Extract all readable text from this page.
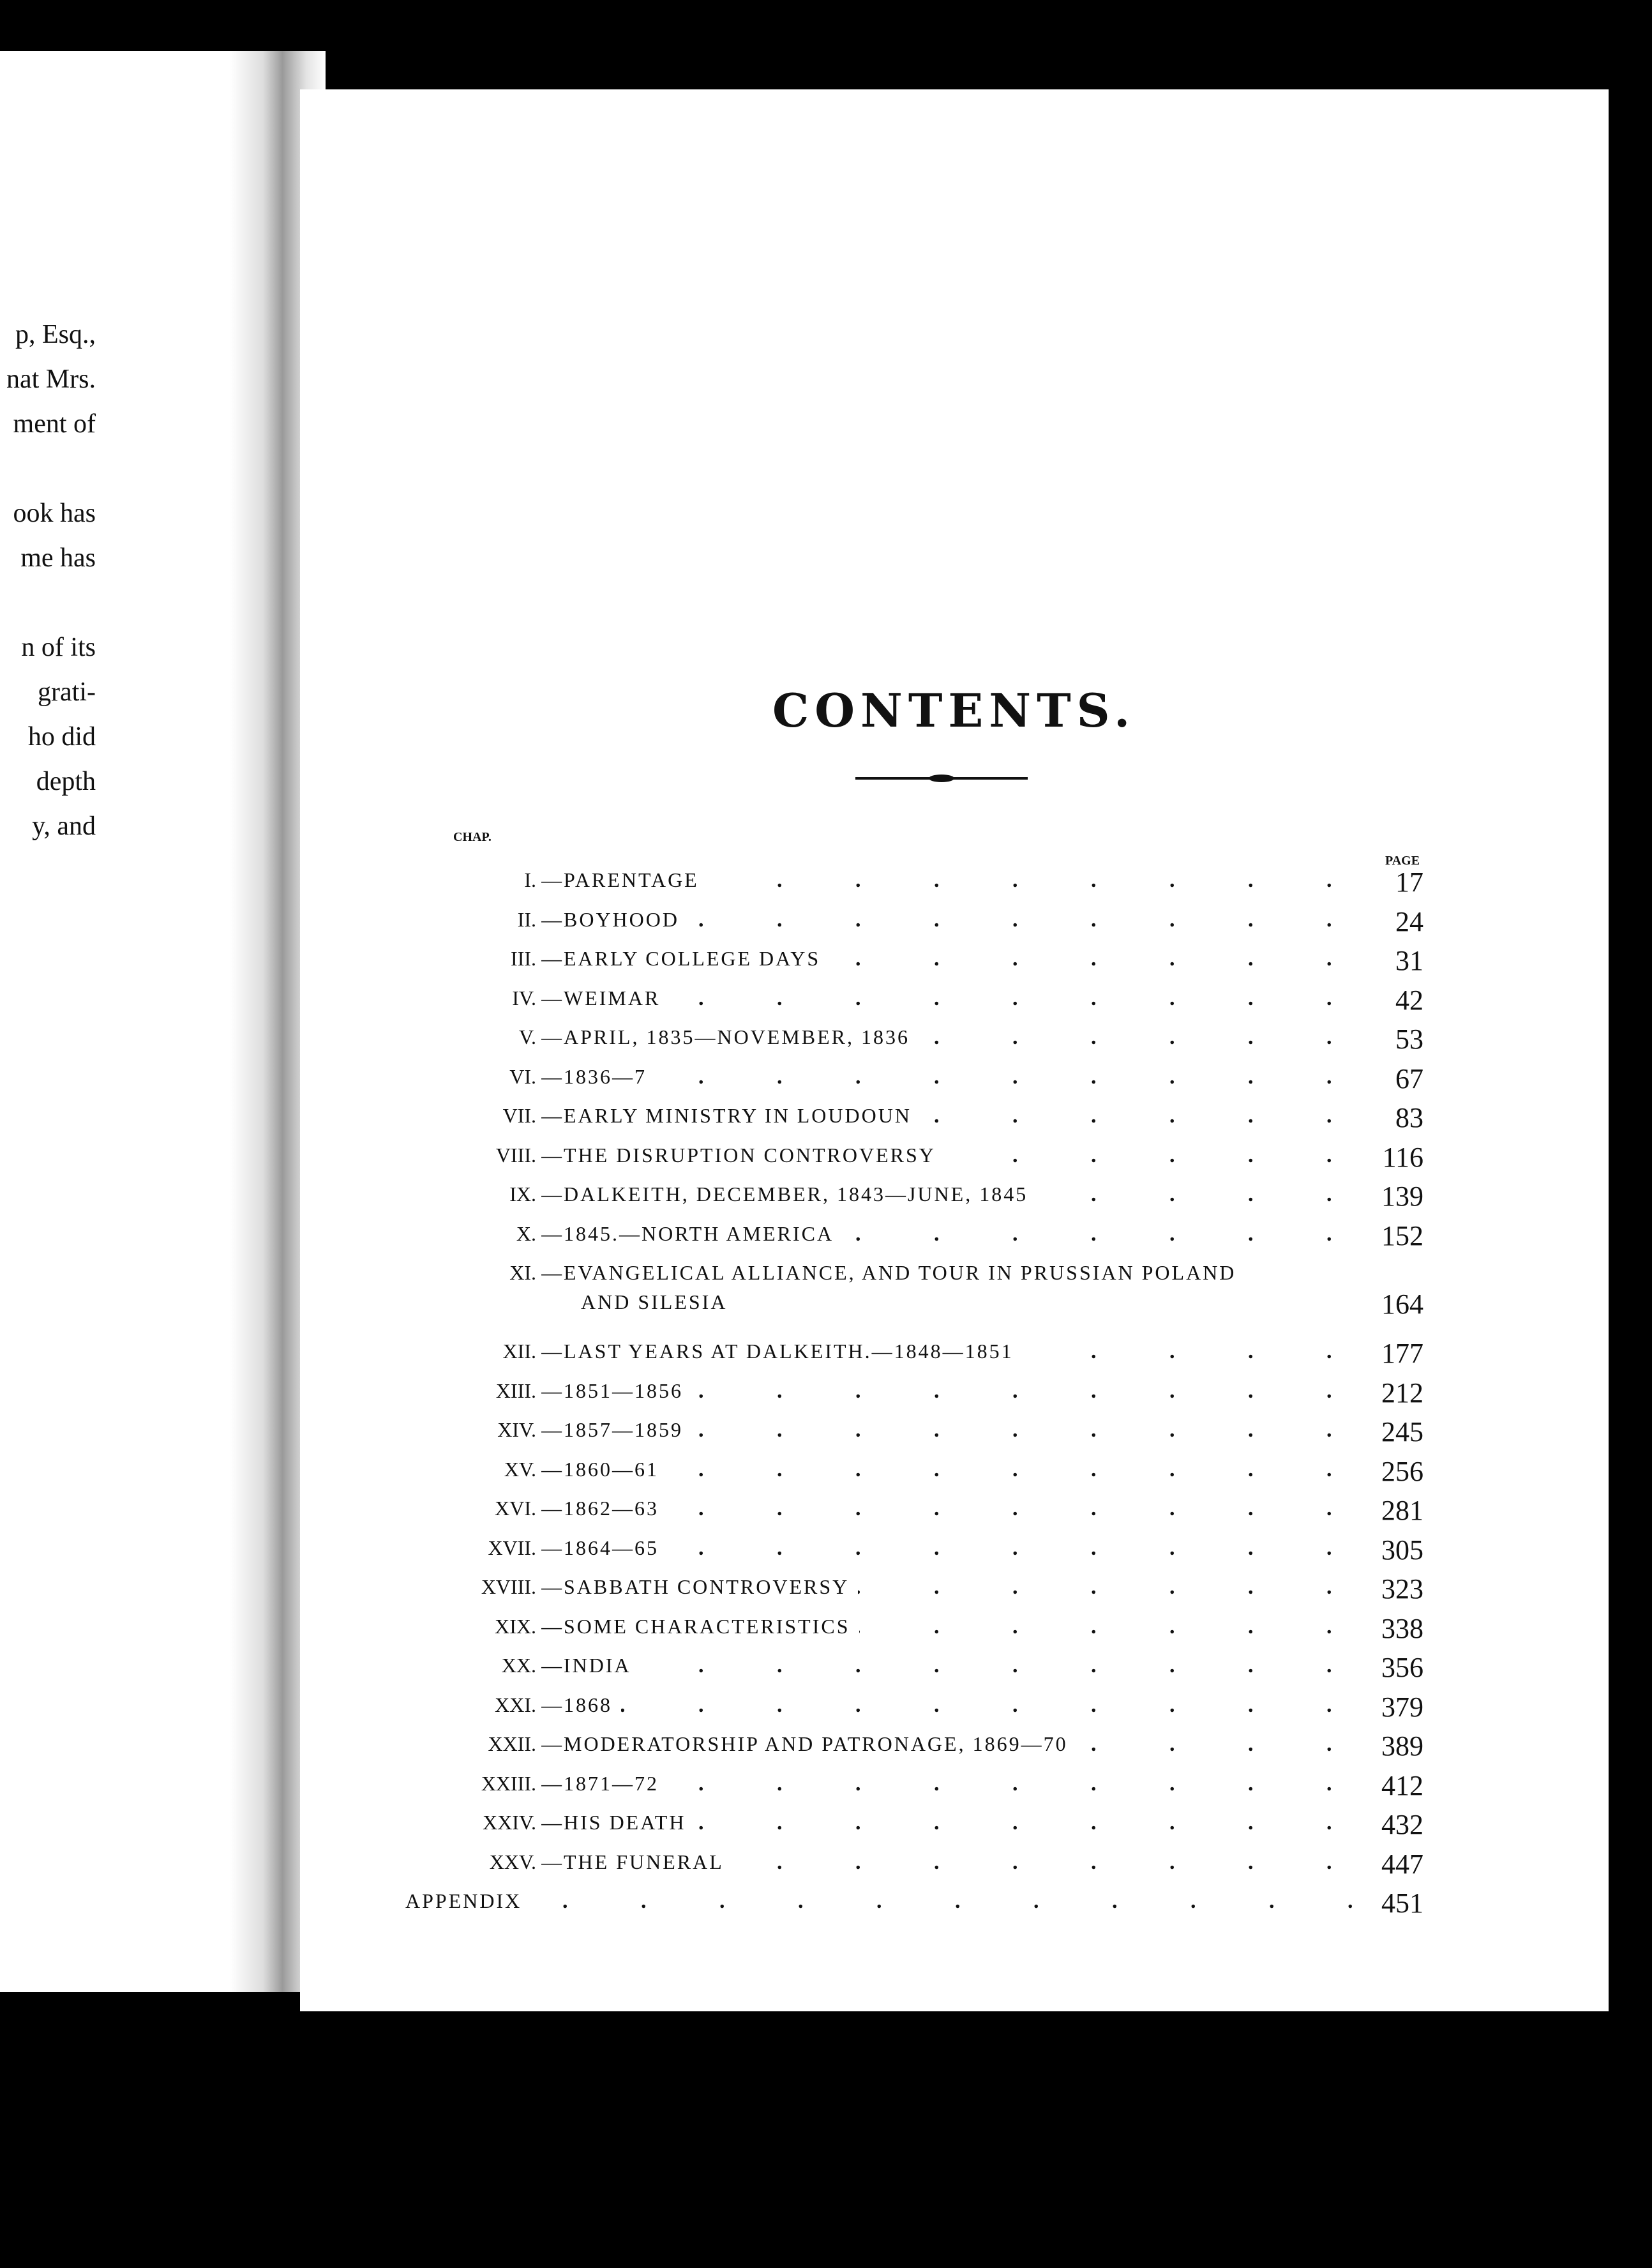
p, Esq.,

nat Mrs.

ment of

ook has

me has

n of its

grati-

ho did

depth

y, and

CONTENTS.
CHAP.
PAGE
I. —PARENTAGE . . .	17
II. —BOYHOOD . . .	24
III. —EARLY COLLEGE DAYS . . .	31
IV. —WEIMAR . . .	42
V. —APRIL, 1835—NOVEMBER, 1836 . . .	53
VI. —1836—7 . . .	67
VII. —EARLY MINISTRY IN LOUDOUN . . .	83
VIII. —THE DISRUPTION CONTROVERSY . . .	116
IX. —DALKEITH, DECEMBER, 1843—JUNE, 1845 . . .	139
X. —1845.—NORTH AMERICA . . .	152
XI. —EVANGELICAL ALLIANCE, AND TOUR IN PRUSSIAN POLAND
AND SILESIA	164
XII. —LAST YEARS AT DALKEITH.—1848—1851 . . .	177
XIII. —1851—1856 . . .	212
XIV. —1857—1859 . . .	245
XV. —1860—61 . . .	256
XVI. —1862—63 . . .	281
XVII. —1864—65 . . .	305
XVIII. —SABBATH CONTROVERSY . . .	323
XIX. —SOME CHARACTERISTICS . . .	338
XX. —INDIA . . .	356
XXI. —1868 . . .	379
XXII. —MODERATORSHIP AND PATRONAGE, 1869—70 . . .	389
XXIII. —1871—72 . . .	412
XXIV. —HIS DEATH . . .	432
XXV. —THE FUNERAL . . .	447
APPENDIX . . .	451
